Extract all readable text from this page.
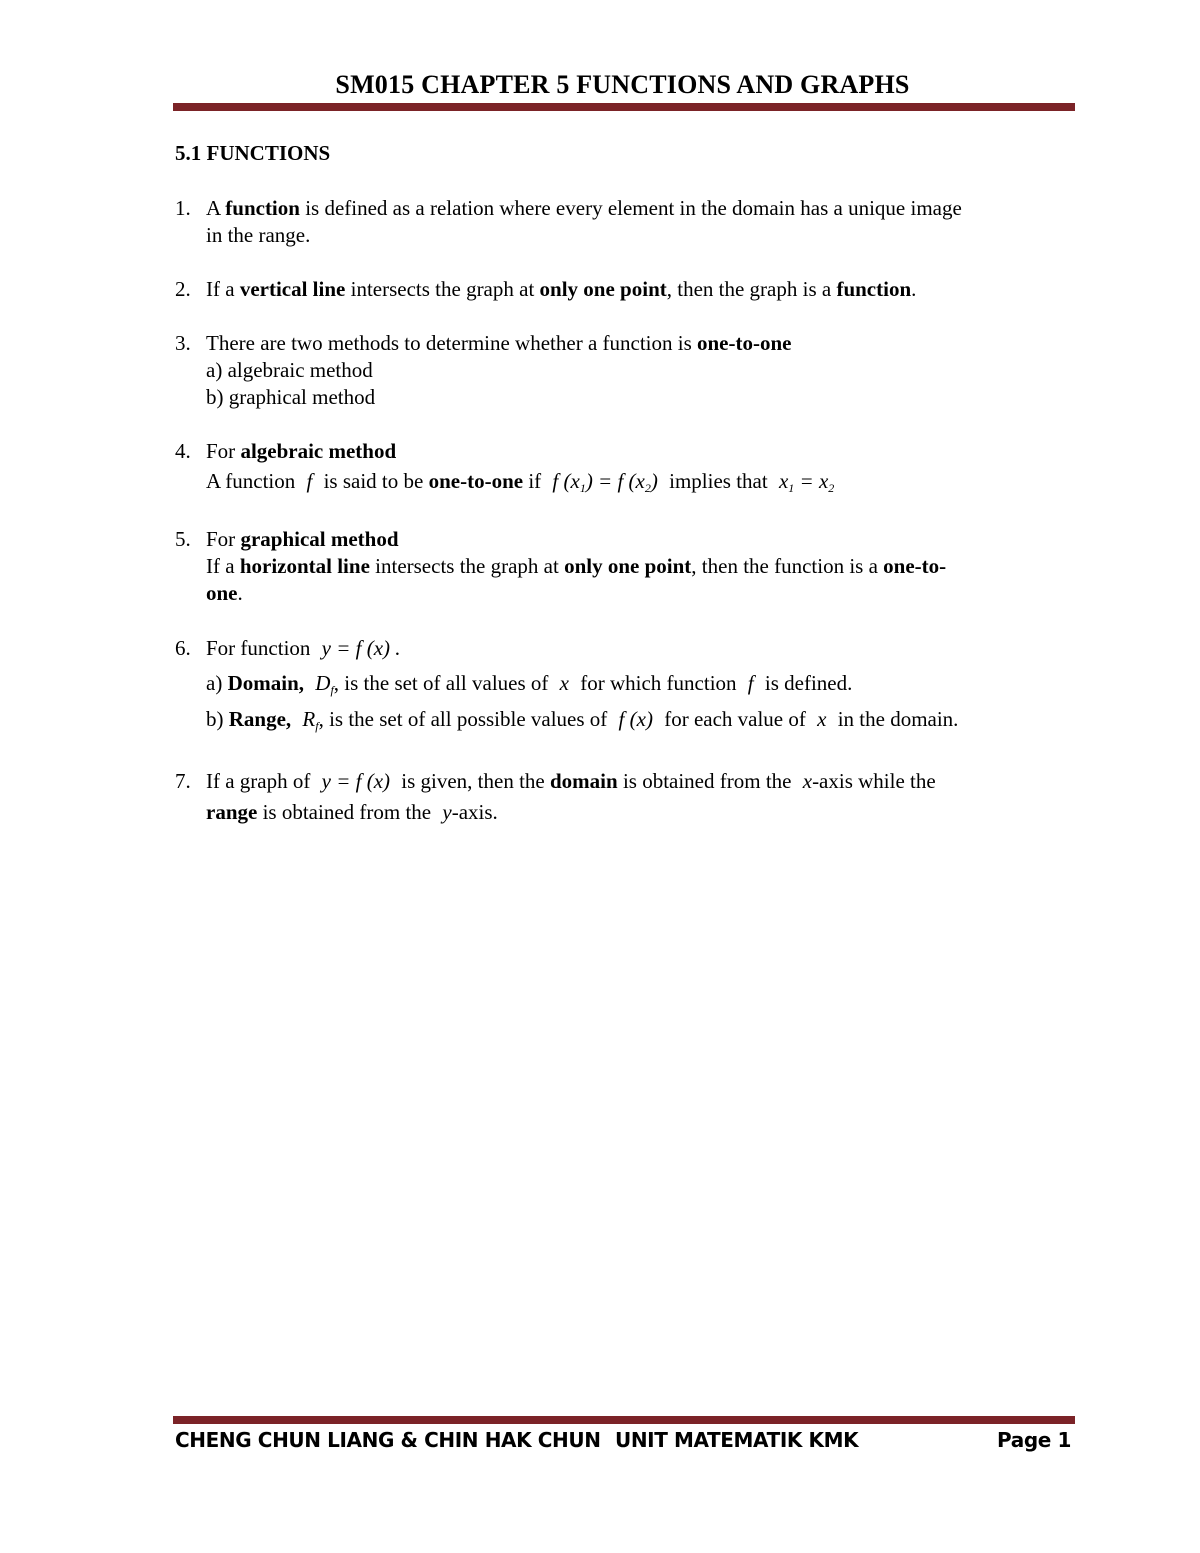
SM015 CHAPTER 5 FUNCTIONS AND GRAPHS
5.1 FUNCTIONS
1. A function is defined as a relation where every element in the domain has a unique image
in the range.
2. If a vertical line intersects the graph at only one point, then the graph is a function.
3. There are two methods to determine whether a function is one-to-one
a) algebraic method
b) graphical method
4. For algebraic method
A function f is said to be one-to-one if f $(x_1) = f$ $(x_2)$ implies that $x_1 = x_2$
5. For graphical method
If a horizontal line intersects the graph at only one point, then the function is a one-to-
one.
6. For function y = f (x) .
a) Domain, $D_f$, is the set of all values of x for which function f is defined.
b) Range, $R_f$, is the set of all possible values of f (x) for each value of x in the domain.
7. If a graph of y = f (x) is given, then the domain is obtained from the x-axis while the
range is obtained from the y-axis.
CHENG CHUN LIANG & CHIN HAK CHUN UNIT MATEMATIK KMK	Page 1
